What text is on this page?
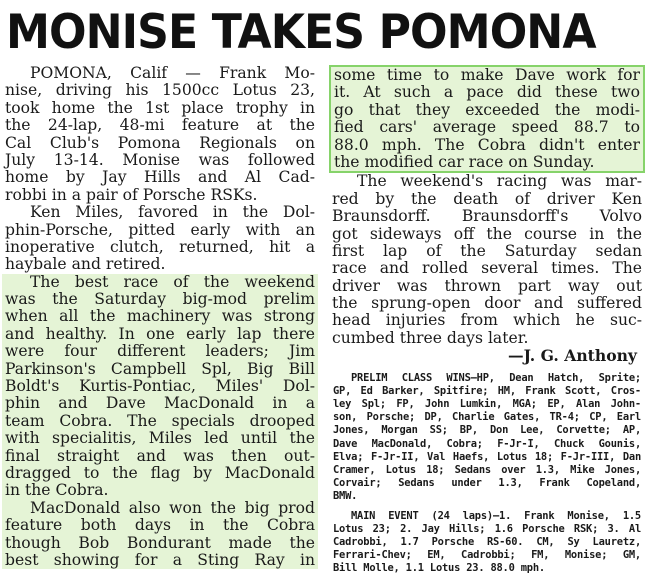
MONISE TAKES POMONA
POMONA, Calif — Frank Mo-
nise, driving his 1500cc Lotus 23,
took home the 1st place trophy in
the 24-lap, 48-mi feature at the
Cal Club's Pomona Regionals on
July 13-14. Monise was followed
home by Jay Hills and Al Cad-
robbi in a pair of Porsche RSKs.
Ken Miles, favored in the Dol-
phin-Porsche, pitted early with an
inoperative clutch, returned, hit a
haybale and retired.
The best race of the weekend
was the Saturday big-mod prelim
when all the machinery was strong
and healthy. In one early lap there
were four different leaders; Jim
Parkinson's Campbell Spl, Big Bill
Boldt's Kurtis-Pontiac, Miles' Dol-
phin and Dave MacDonald in a
team Cobra. The specials drooped
with specialitis, Miles led until the
final straight and was then out-
dragged to the flag by MacDonald
in the Cobra.
MacDonald also won the big prod
feature both days in the Cobra
though Bob Bondurant made the
best showing for a Sting Ray in
some time to make Dave work for
it. At such a pace did these two
go that they exceeded the modi-
fied cars' average speed 88.7 to
88.0 mph. The Cobra didn't enter
the modified car race on Sunday.
The weekend's racing was mar-
red by the death of driver Ken
Braunsdorff. Braunsdorff's Volvo
got sideways off the course in the
first lap of the Saturday sedan
race and rolled several times. The
driver was thrown part way out
the sprung-open door and suffered
head injuries from which he suc-
cumbed three days later.
—J. G. Anthony
PRELIM CLASS WINS—HP, Dean Hatch, Sprite;
GP, Ed Barker, Spitfire; HM, Frank Scott, Cros-
ley Spl; FP, John Lumkin, MGA; EP, Alan John-
son, Porsche; DP, Charlie Gates, TR-4; CP, Earl
Jones, Morgan SS; BP, Don Lee, Corvette; AP,
Dave MacDonald, Cobra; F-Jr-I, Chuck Gounis,
Elva; F-Jr-II, Val Haefs, Lotus 18; F-Jr-III, Dan
Cramer, Lotus 18; Sedans over 1.3, Mike Jones,
Corvair; Sedans under 1.3, Frank Copeland,
BMW.
MAIN EVENT (24 laps)—1. Frank Monise, 1.5
Lotus 23; 2. Jay Hills; 1.6 Porsche RSK; 3. Al
Cadrobbi, 1.7 Porsche RS-60. CM, Sy Lauretz,
Ferrari-Chev; EM, Cadrobbi; FM, Monise; GM,
Bill Molle, 1.1 Lotus 23. 88.0 mph.
